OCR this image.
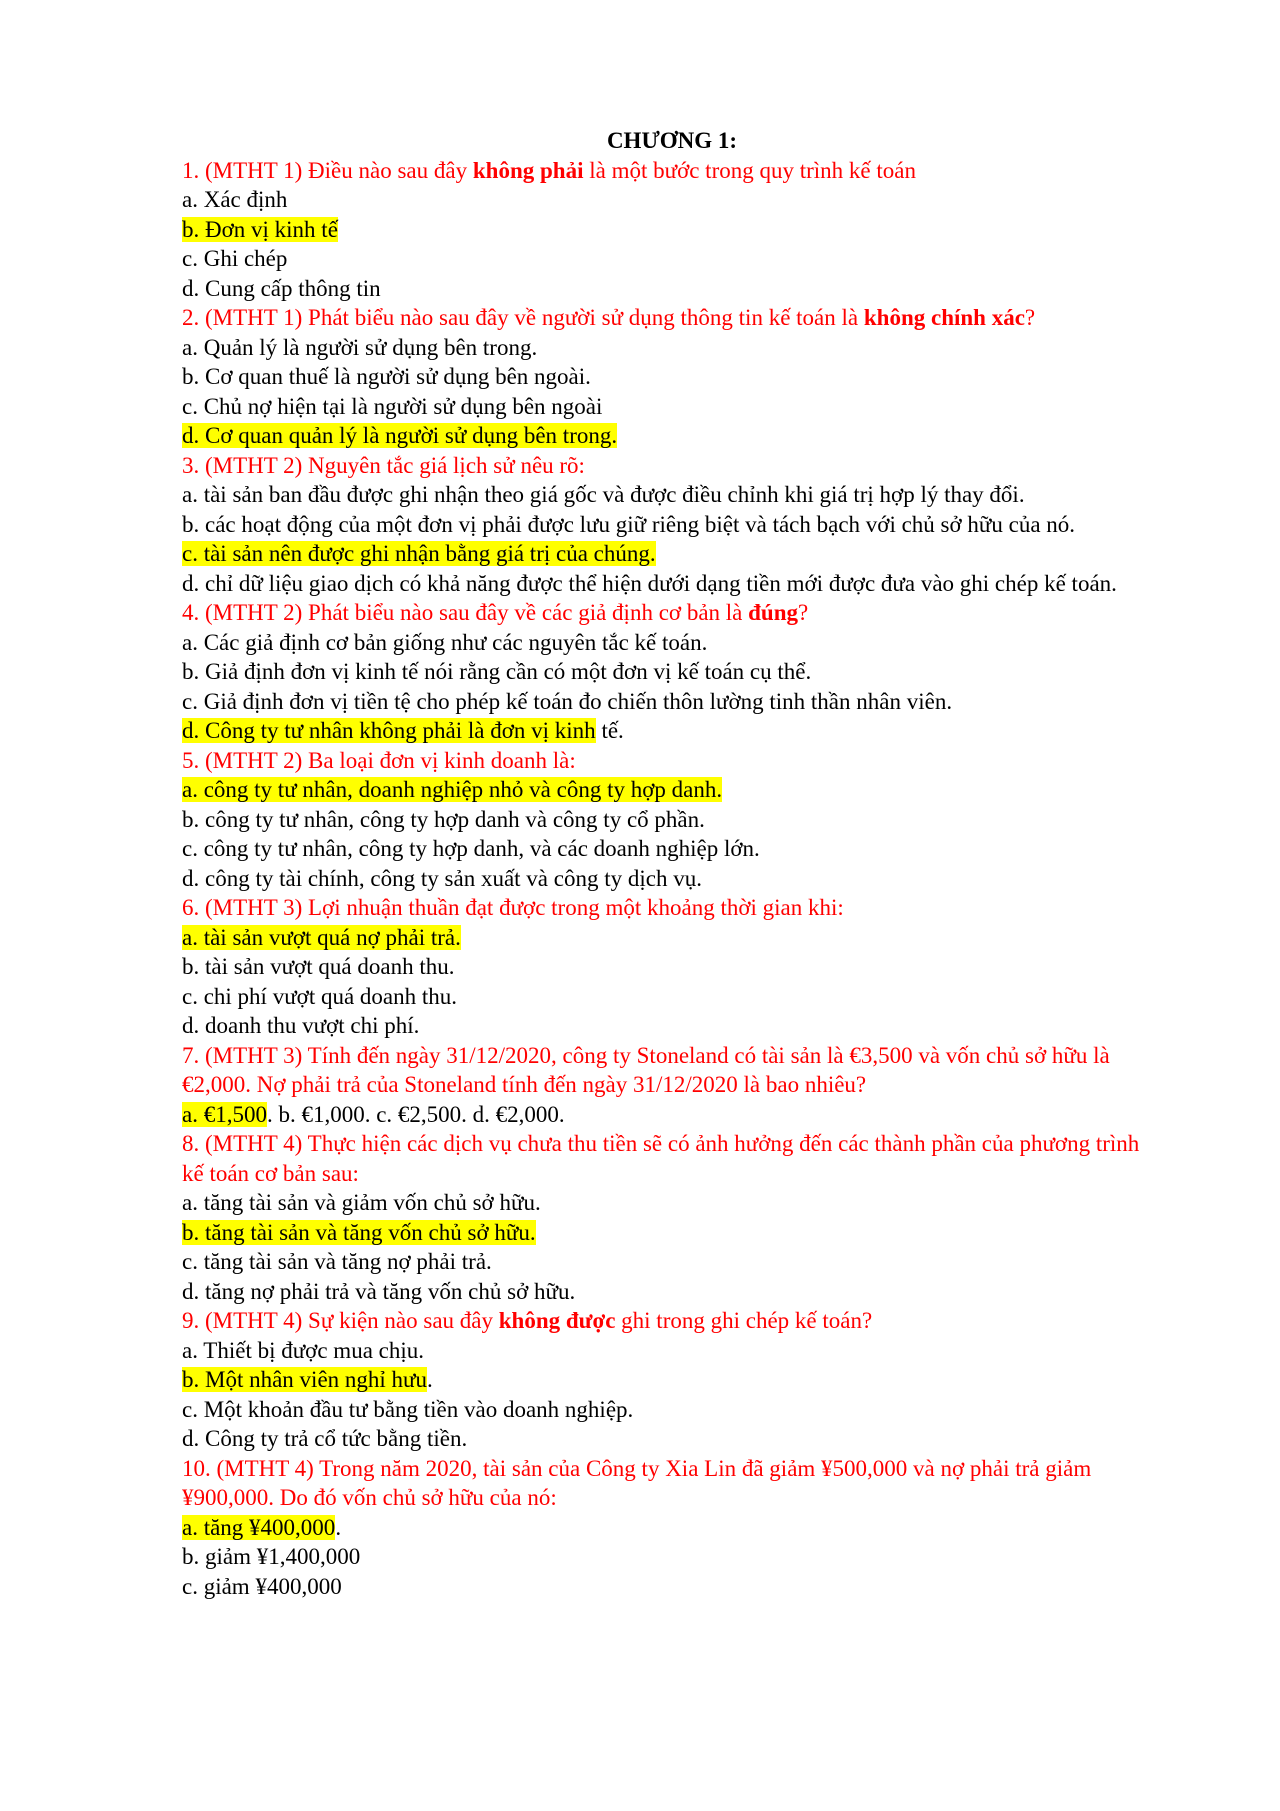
CHƯƠNG 1:
1. (MTHT 1) Điều nào sau đây không phải là một bước trong quy trình kế toán
a. Xác định
b. Đơn vị kinh tế
c. Ghi chép
d. Cung cấp thông tin
2. (MTHT 1) Phát biểu nào sau đây về người sử dụng thông tin kế toán là không chính xác?
a. Quản lý là người sử dụng bên trong.
b. Cơ quan thuế là người sử dụng bên ngoài.
c. Chủ nợ hiện tại là người sử dụng bên ngoài
d. Cơ quan quản lý là người sử dụng bên trong.
3. (MTHT 2) Nguyên tắc giá lịch sử nêu rõ:
a. tài sản ban đầu được ghi nhận theo giá gốc và được điều chỉnh khi giá trị hợp lý thay đổi.
b. các hoạt động của một đơn vị phải được lưu giữ riêng biệt và tách bạch với chủ sở hữu của nó.
c. tài sản nên được ghi nhận bằng giá trị của chúng.
d. chỉ dữ liệu giao dịch có khả năng được thể hiện dưới dạng tiền mới được đưa vào ghi chép kế toán.
4. (MTHT 2) Phát biểu nào sau đây về các giả định cơ bản là đúng?
a. Các giả định cơ bản giống như các nguyên tắc kế toán.
b. Giả định đơn vị kinh tế nói rằng cần có một đơn vị kế toán cụ thể.
c. Giả định đơn vị tiền tệ cho phép kế toán đo chiến thôn lường tinh thần nhân viên.
d. Công ty tư nhân không phải là đơn vị kinh tế.
5. (MTHT 2) Ba loại đơn vị kinh doanh là:
a. công ty tư nhân, doanh nghiệp nhỏ và công ty hợp danh.
b. công ty tư nhân, công ty hợp danh và công ty cổ phần.
c. công ty tư nhân, công ty hợp danh, và các doanh nghiệp lớn.
d. công ty tài chính, công ty sản xuất và công ty dịch vụ.
6. (MTHT 3) Lợi nhuận thuần đạt được trong một khoảng thời gian khi:
a. tài sản vượt quá nợ phải trả.
b. tài sản vượt quá doanh thu.
c. chi phí vượt quá doanh thu.
d. doanh thu vượt chi phí.
7. (MTHT 3) Tính đến ngày 31/12/2020, công ty Stoneland có tài sản là €3,500 và vốn chủ sở hữu là €2,000. Nợ phải trả của Stoneland tính đến ngày 31/12/2020 là bao nhiêu?
a. €1,500. b. €1,000. c. €2,500. d. €2,000.
8. (MTHT 4) Thực hiện các dịch vụ chưa thu tiền sẽ có ảnh hưởng đến các thành phần của phương trình kế toán cơ bản sau:
a. tăng tài sản và giảm vốn chủ sở hữu.
b. tăng tài sản và tăng vốn chủ sở hữu.
c. tăng tài sản và tăng nợ phải trả.
d. tăng nợ phải trả và tăng vốn chủ sở hữu.
9. (MTHT 4) Sự kiện nào sau đây không được ghi trong ghi chép kế toán?
a. Thiết bị được mua chịu.
b. Một nhân viên nghỉ hưu.
c. Một khoản đầu tư bằng tiền vào doanh nghiệp.
d. Công ty trả cổ tức bằng tiền.
10. (MTHT 4) Trong năm 2020, tài sản của Công ty Xia Lin đã giảm ¥500,000 và nợ phải trả giảm ¥900,000. Do đó vốn chủ sở hữu của nó:
a. tăng ¥400,000.
b. giảm ¥1,400,000
c. giảm ¥400,000
